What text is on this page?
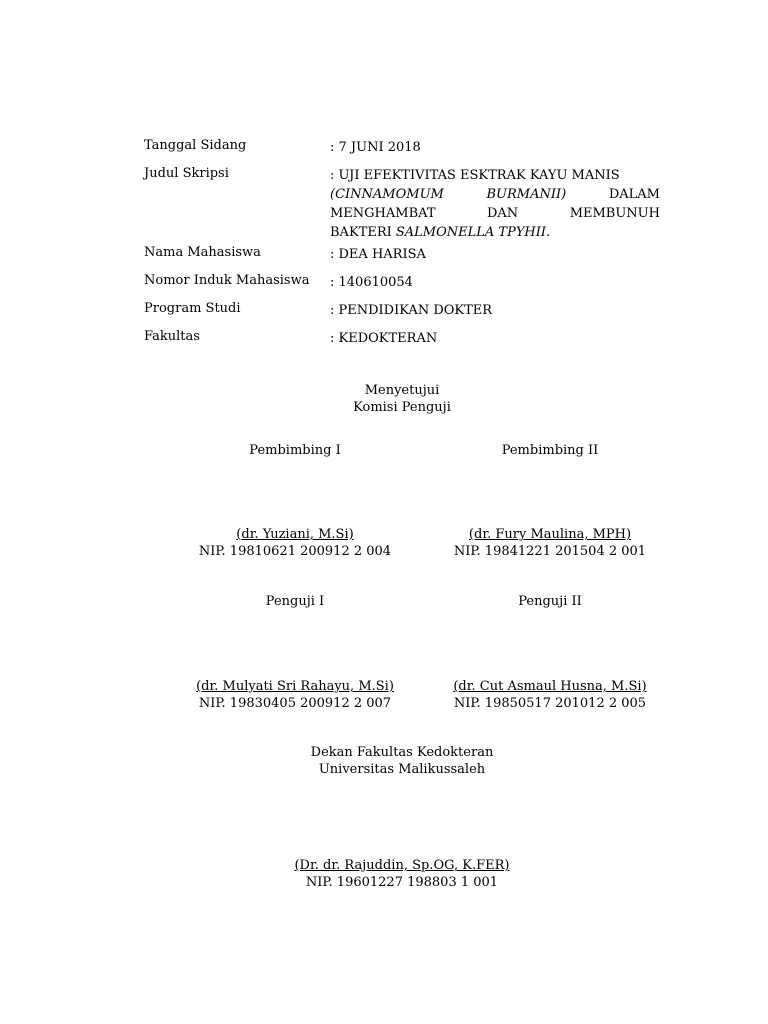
Tanggal Sidang	: 7 JUNI 2018
Judul Skripsi	: UJI EFEKTIVITAS ESKTRAK KAYU MANIS
(CINNAMOMUM	BURMANII)	DALAM
MENGHAMBAT	DAN	MEMBUNUH
BAKTERI SALMONELLA TPYHII.
Nama Mahasiswa	: DEA HARISA
Nomor Induk Mahasiswa	: 140610054
Program Studi	: PENDIDIKAN DOKTER
Fakultas	: KEDOKTERAN
Menyetujui
Komisi Penguji
Pembimbing I
(dr. Yuziani, M.Si)
NIP. 19810621 200912 2 004
Pembimbing II
(dr. Fury Maulina, MPH)
NIP. 19841221 201504 2 001
Penguji I
(dr. Mulyati Sri Rahayu, M.Si)
NIP. 19830405 200912 2 007
Penguji II
(dr. Cut Asmaul Husna, M.Si)
NIP. 19850517 201012 2 005
Dekan Fakultas Kedokteran
Universitas Malikussaleh
(Dr. dr. Rajuddin, Sp.OG, K.FER)
NIP. 19601227 198803 1 001
